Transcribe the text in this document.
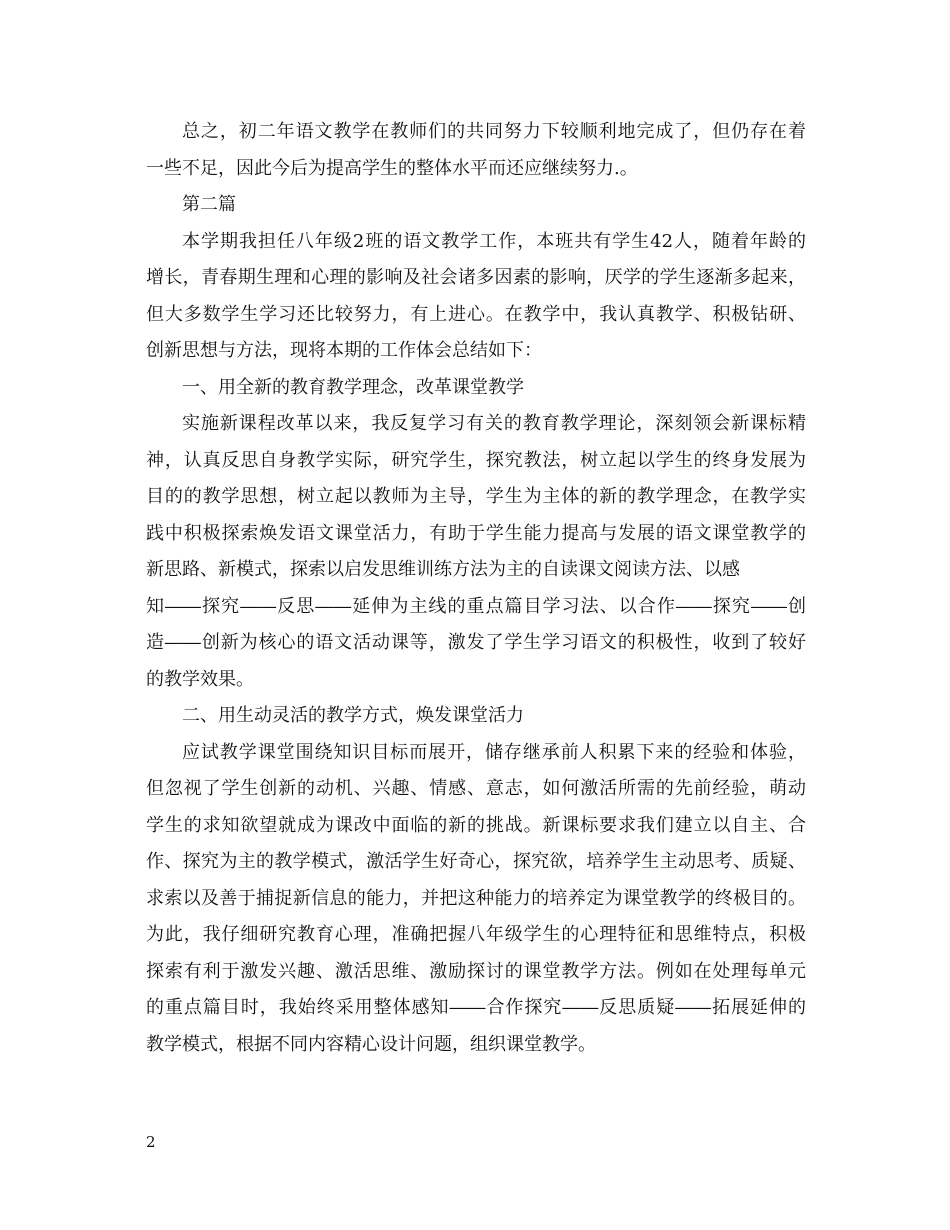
总之，初二年语文教学在教师们的共同努力下较顺利地完成了，但仍存在着
一些不足，因此今后为提高学生的整体水平而还应继续努力.。
第二篇
本学期我担任八年级2班的语文教学工作，本班共有学生42人，随着年龄的
增长，青春期生理和心理的影响及社会诸多因素的影响，厌学的学生逐渐多起来，
但大多数学生学习还比较努力，有上进心。在教学中，我认真教学、积极钻研、
创新思想与方法，现将本期的工作体会总结如下：
一、用全新的教育教学理念，改革课堂教学
实施新课程改革以来，我反复学习有关的教育教学理论，深刻领会新课标精
神，认真反思自身教学实际，研究学生，探究教法，树立起以学生的终身发展为
目的的教学思想，树立起以教师为主导，学生为主体的新的教学理念，在教学实
践中积极探索焕发语文课堂活力，有助于学生能力提高与发展的语文课堂教学的
新思路、新模式，探索以启发思维训练方法为主的自读课文阅读方法、以感
知――探究――反思――延伸为主线的重点篇目学习法、以合作――探究――创
造――创新为核心的语文活动课等，激发了学生学习语文的积极性，收到了较好
的教学效果。
二、用生动灵活的教学方式，焕发课堂活力
应试教学课堂围绕知识目标而展开，储存继承前人积累下来的经验和体验，
但忽视了学生创新的动机、兴趣、情感、意志，如何激活所需的先前经验，萌动
学生的求知欲望就成为课改中面临的新的挑战。新课标要求我们建立以自主、合
作、探究为主的教学模式，激活学生好奇心，探究欲，培养学生主动思考、质疑、
求索以及善于捕捉新信息的能力，并把这种能力的培养定为课堂教学的终极目的。
为此，我仔细研究教育心理，准确把握八年级学生的心理特征和思维特点，积极
探索有利于激发兴趣、激活思维、激励探讨的课堂教学方法。例如在处理每单元
的重点篇目时，我始终采用整体感知――合作探究――反思质疑――拓展延伸的
教学模式，根据不同内容精心设计问题，组织课堂教学。
2
